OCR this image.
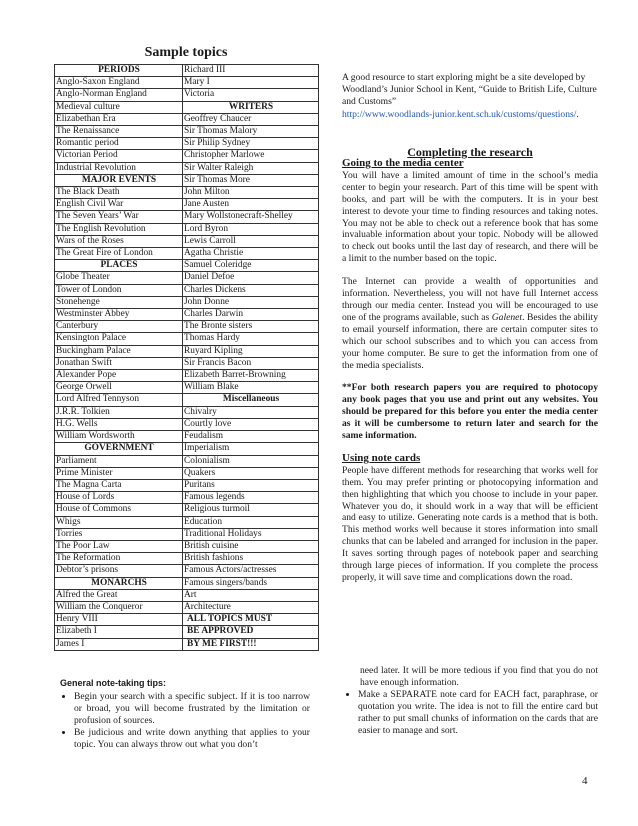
Sample topics
PERIODS	Richard III
Anglo-Saxon England	Mary I
Anglo-Norman England	Victoria
Medieval culture	WRITERS
Elizabethan Era	Geoffrey Chaucer
The Renaissance	Sir Thomas Malory
Romantic period	Sir Philip Sydney
Victorian Period	Christopher Marlowe
Industrial Revolution	Sir Walter Raleigh
MAJOR EVENTS	Sir Thomas More
The Black Death	John Milton
English Civil War	Jane Austen
The Seven Years’ War	Mary Wollstonecraft-Shelley
The English Revolution	Lord Byron
Wars of the Roses	Lewis Carroll
The Great Fire of London	Agatha Christie
PLACES	Samuel Coleridge
Globe Theater	Daniel Defoe
Tower of London	Charles Dickens
Stonehenge	John Donne
Westminster Abbey	Charles Darwin
Canterbury	The Bronte sisters
Kensington Palace	Thomas Hardy
Buckingham Palace	Ruyard Kipling
Jonathan Swift	Sir Francis Bacon
Alexander Pope	Elizabeth Barret-Browning
George Orwell	William Blake
Lord Alfred Tennyson	Miscellaneous
J.R.R. Tolkien	Chivalry
H.G. Wells	Courtly love
William Wordsworth	Feudalism
GOVERNMENT	Imperialism
Parliament	Colonialism
Prime Minister	Quakers
The Magna Carta	Puritans
House of Lords	Famous legends
House of Commons	Religious turmoil
Whigs	Education
Torries	Traditional Holidays
The Poor Law	British cuisine
The Reformation	British fashions
Debtor’s prisons	Famous Actors/actresses
MONARCHS	Famous singers/bands
Alfred the Great	Art
William the Conqueror	Architecture
Henry VIII	ALL TOPICS MUST
Elizabeth I	BE APPROVED
James I	BY ME FIRST!!!
General note-taking tips:
• Begin your search with a specific subject. If it is too narrow or broad, you will become frustrated by the limitation or profusion of sources.
• Be judicious and write down anything that applies to your topic. You can always throw out what you don’t
A good resource to start exploring might be a site developed by Woodland’s Junior School in Kent, “Guide to British Life, Culture and Customs”
http://www.woodlands-junior.kent.sch.uk/customs/questions/.
Completing the research
Going to the media center

You will have a limited amount of time in the school’s media center to begin your research. Part of this time will be spent with books, and part will be with the computers. It is in your best interest to devote your time to finding resources and taking notes. You may not be able to check out a reference book that has some invaluable information about your topic. Nobody will be allowed to check out books until the last day of research, and there will be a limit to the number based on the topic.

The Internet can provide a wealth of opportunities and information. Nevertheless, you will not have full Internet access through our media center. Instead you will be encouraged to use one of the programs available, such as Galenet. Besides the ability to email yourself information, there are certain computer sites to which our school subscribes and to which you can access from your home computer. Be sure to get the information from one of the media specialists.

**For both research papers you are required to photocopy any book pages that you use and print out any websites. You should be prepared for this before you enter the media center as it will be cumbersome to return later and search for the same information.

Using note cards

People have different methods for researching that works well for them. You may prefer printing or photocopying information and then highlighting that which you choose to include in your paper. Whatever you do, it should work in a way that will be efficient and easy to utilize. Generating note cards is a method that is both. This method works well because it stores information into small chunks that can be labeled and arranged for inclusion in the paper. It saves sorting through pages of notebook paper and searching through large pieces of information. If you complete the process properly, it will save time and complications down the road.

need later. It will be more tedious if you find that you do not have enough information.
• Make a SEPARATE note card for EACH fact, paraphrase, or quotation you write. The idea is not to fill the entire card but rather to put small chunks of information on the cards that are easier to manage and sort.
4
